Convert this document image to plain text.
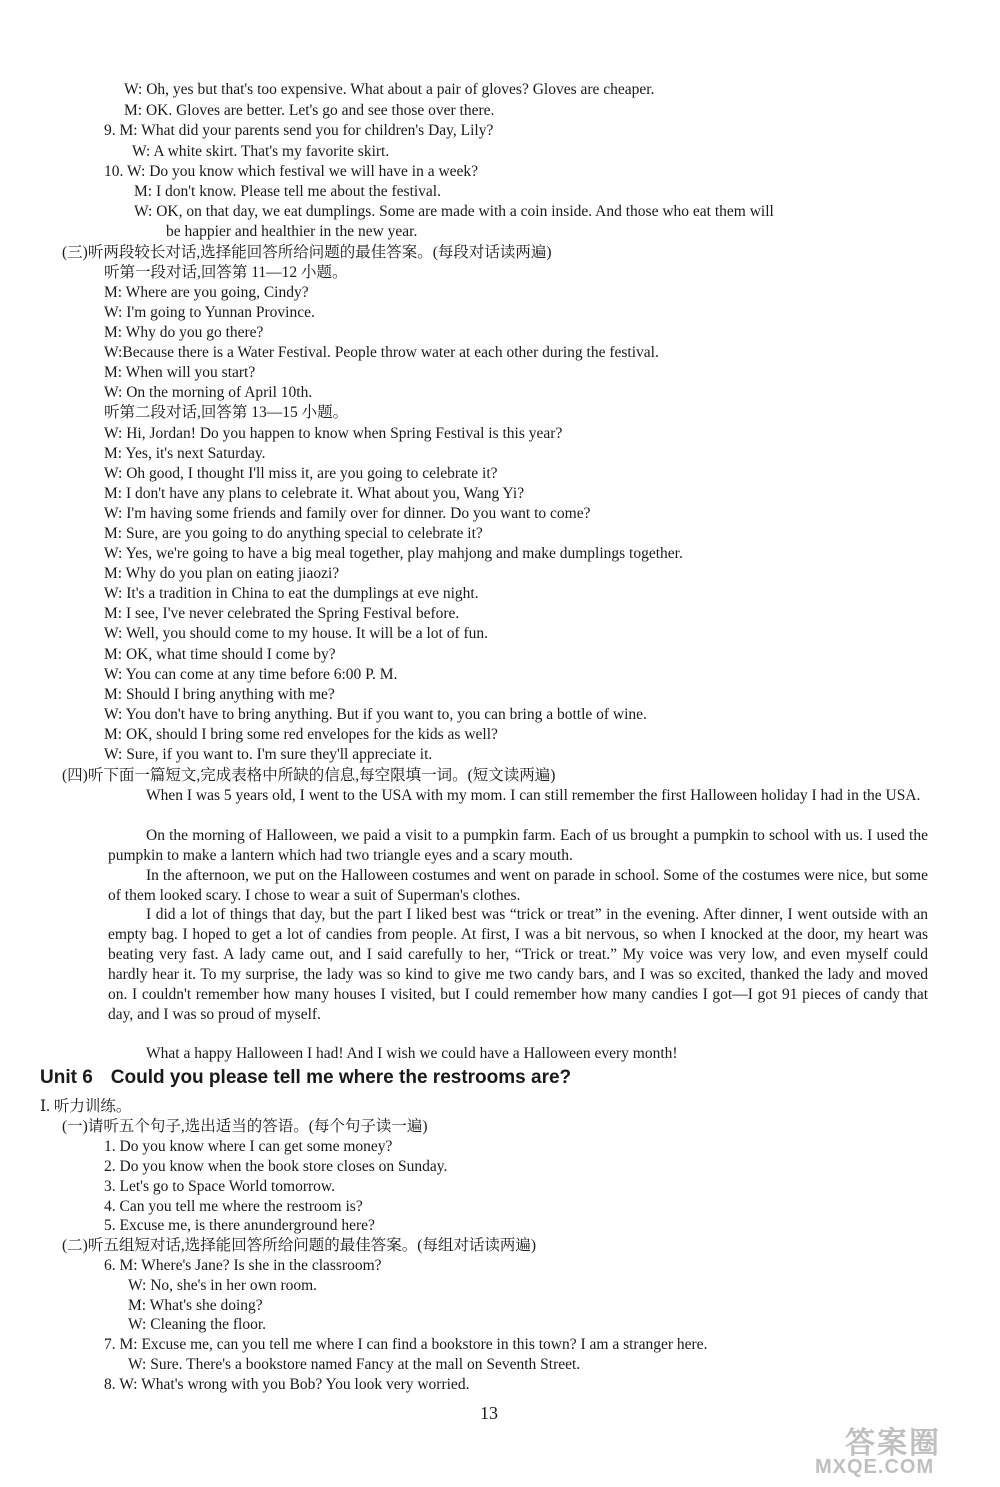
W: Oh, yes but that's too expensive. What about a pair of gloves? Gloves are cheaper.
M: OK. Gloves are better. Let's go and see those over there.
9. M: What did your parents send you for children's Day, Lily?
W: A white skirt. That's my favorite skirt.
10. W: Do you know which festival we will have in a week?
M: I don't know. Please tell me about the festival.
W: OK, on that day, we eat dumplings. Some are made with a coin inside. And those who eat them will
be happier and healthier in the new year.
(三)听两段较长对话,选择能回答所给问题的最佳答案。(每段对话读两遍)
听第一段对话,回答第 11—12 小题。
M: Where are you going, Cindy?
W: I'm going to Yunnan Province.
M: Why do you go there?
W:Because there is a Water Festival. People throw water at each other during the festival.
M: When will you start?
W: On the morning of April 10th.
听第二段对话,回答第 13—15 小题。
W: Hi, Jordan! Do you happen to know when Spring Festival is this year?
M: Yes, it's next Saturday.
W: Oh good, I thought I'll miss it, are you going to celebrate it?
M: I don't have any plans to celebrate it. What about you, Wang Yi?
W: I'm having some friends and family over for dinner. Do you want to come?
M: Sure, are you going to do anything special to celebrate it?
W: Yes, we're going to have a big meal together, play mahjong and make dumplings together.
M: Why do you plan on eating jiaozi?
W: It's a tradition in China to eat the dumplings at eve night.
M: I see, I've never celebrated the Spring Festival before.
W: Well, you should come to my house. It will be a lot of fun.
M: OK, what time should I come by?
W: You can come at any time before 6:00 P. M.
M: Should I bring anything with me?
W: You don't have to bring anything. But if you want to, you can bring a bottle of wine.
M: OK, should I bring some red envelopes for the kids as well?
W: Sure, if you want to. I'm sure they'll appreciate it.
(四)听下面一篇短文,完成表格中所缺的信息,每空限填一词。(短文读两遍)
When I was 5 years old, I went to the USA with my mom. I can still remember the first Halloween holiday I had in the USA.
On the morning of Halloween, we paid a visit to a pumpkin farm. Each of us brought a pumpkin to school with us. I used the pumpkin to make a lantern which had two triangle eyes and a scary mouth.
In the afternoon, we put on the Halloween costumes and went on parade in school. Some of the costumes were nice, but some of them looked scary. I chose to wear a suit of Superman's clothes.
I did a lot of things that day, but the part I liked best was “trick or treat” in the evening. After dinner, I went outside with an empty bag. I hoped to get a lot of candies from people. At first, I was a bit nervous, so when I knocked at the door, my heart was beating very fast. A lady came out, and I said carefully to her, “Trick or treat.” My voice was very low, and even myself could hardly hear it. To my surprise, the lady was so kind to give me two candy bars, and I was so excited, thanked the lady and moved on. I couldn't remember how many houses I visited, but I could remember how many candies I got—I got 91 pieces of candy that day, and I was so proud of myself.
What a happy Halloween I had! And I wish we could have a Halloween every month!
Unit 6 Could you please tell me where the restrooms are?
Ⅰ. 听力训练。
(一)请听五个句子,选出适当的答语。(每个句子读一遍)
1. Do you know where I can get some money?
2. Do you know when the book store closes on Sunday.
3. Let's go to Space World tomorrow.
4. Can you tell me where the restroom is?
5. Excuse me, is there anunderground here?
(二)听五组短对话,选择能回答所给问题的最佳答案。(每组对话读两遍)
6. M: Where's Jane? Is she in the classroom?
W: No, she's in her own room.
M: What's she doing?
W: Cleaning the floor.
7. M: Excuse me, can you tell me where I can find a bookstore in this town? I am a stranger here.
W: Sure. There's a bookstore named Fancy at the mall on Seventh Street.
8. W: What's wrong with you Bob? You look very worried.
13
答案圈
MXQE.COM
